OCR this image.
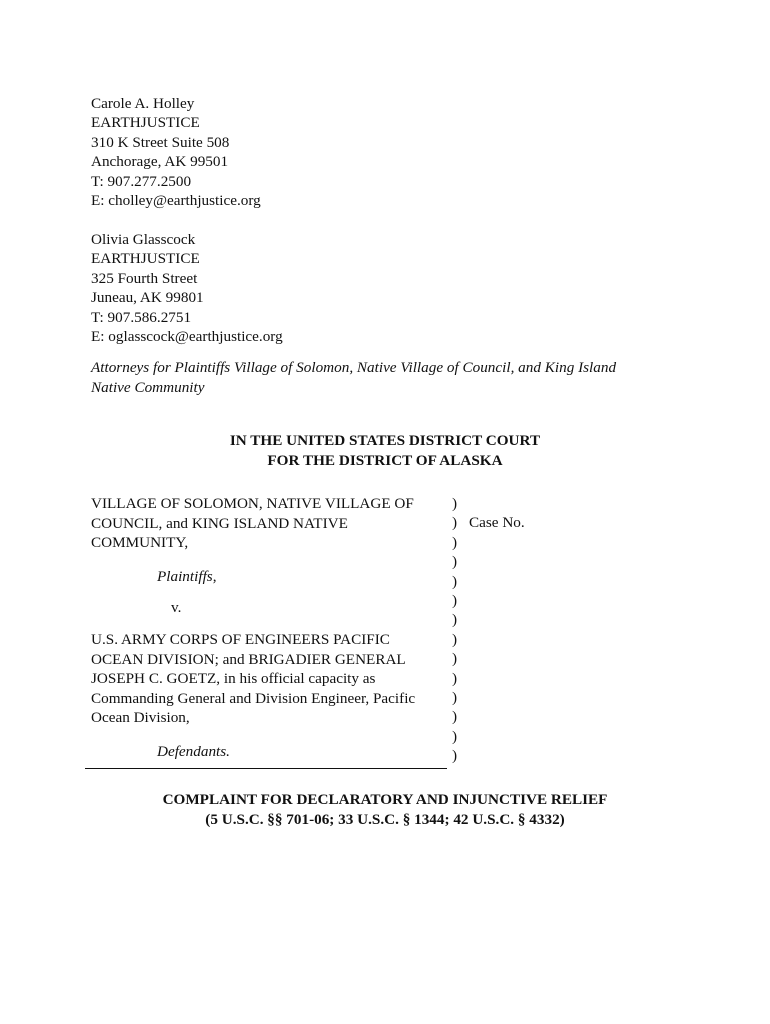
Carole A. Holley
EARTHJUSTICE
310 K Street Suite 508
Anchorage, AK 99501
T: 907.277.2500
E: cholley@earthjustice.org
Olivia Glasscock
EARTHJUSTICE
325 Fourth Street
Juneau, AK 99801
T: 907.586.2751
E: oglasscock@earthjustice.org
Attorneys for Plaintiffs Village of Solomon, Native Village of Council, and King Island
Native Community
IN THE UNITED STATES DISTRICT COURT
FOR THE DISTRICT OF ALASKA
VILLAGE OF SOLOMON, NATIVE VILLAGE OF
COUNCIL, and KING ISLAND NATIVE
COMMUNITY,
Plaintiffs,
v.
U.S. ARMY CORPS OF ENGINEERS PACIFIC
OCEAN DIVISION; and BRIGADIER GENERAL
JOSEPH C. GOETZ, in his official capacity as
Commanding General and Division Engineer, Pacific
Ocean Division,
Defendants.
)
)
)
)
)
)
)
)
)
)
)
)
)
)
Case No.
COMPLAINT FOR DECLARATORY AND INJUNCTIVE RELIEF
(5 U.S.C. §§ 701-06; 33 U.S.C. § 1344; 42 U.S.C. § 4332)
